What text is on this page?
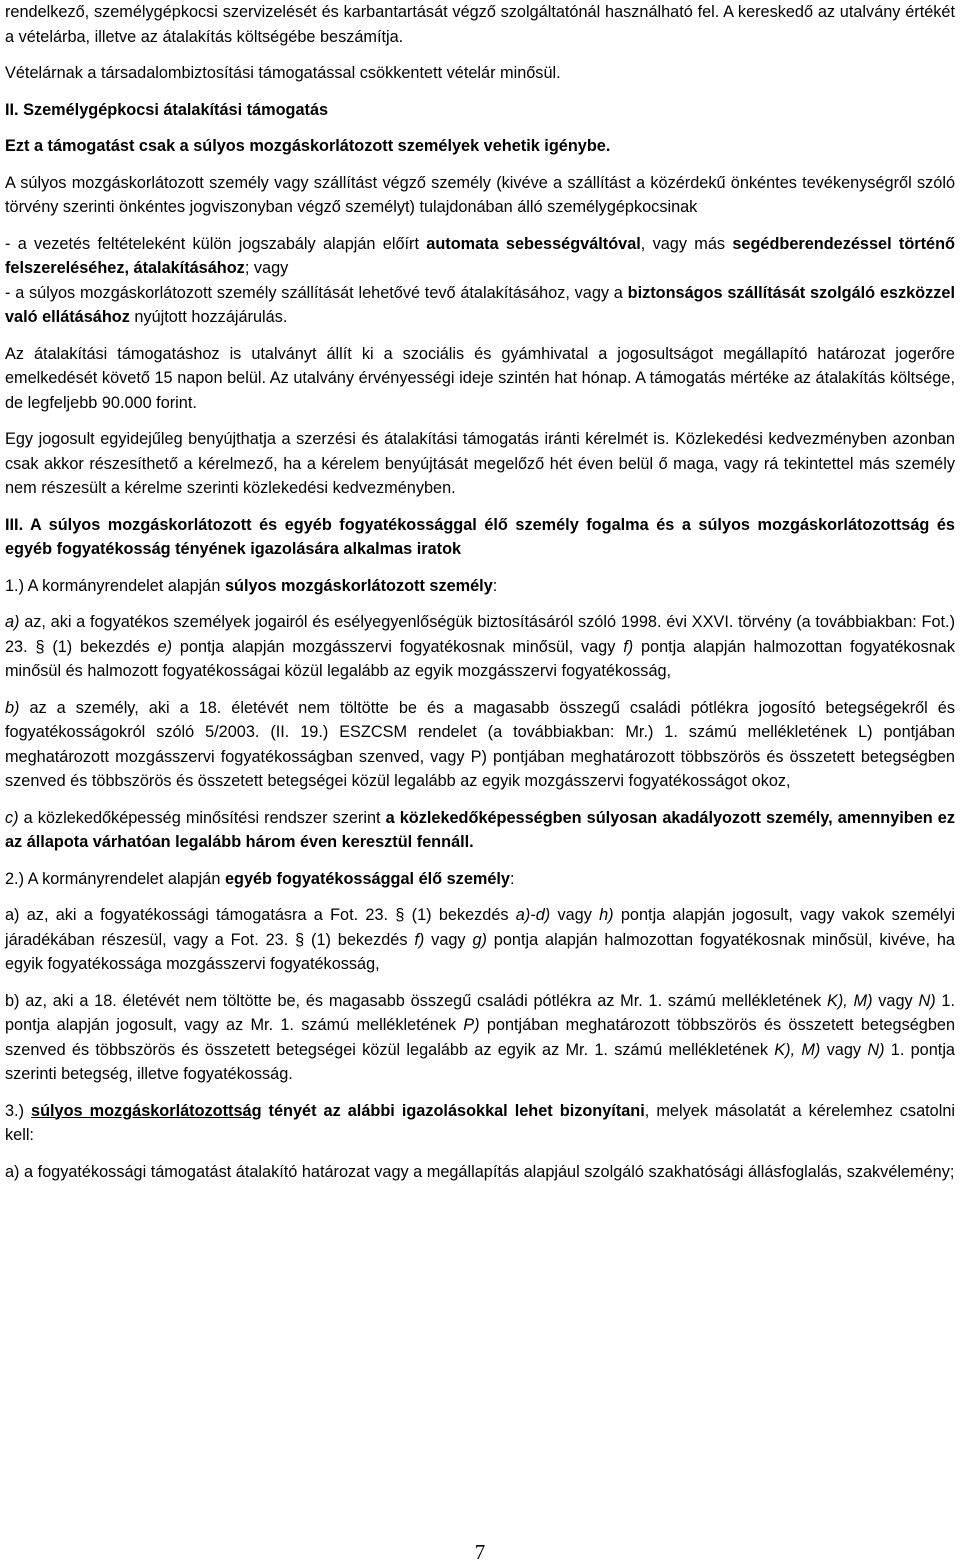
rendelkező, személygépkocsi szervizelését és karbantartását végző szolgáltatónál használható fel. A kereskedő az utalvány értékét a vételárba, illetve az átalakítás költségébe beszámítja.

Vételárnak a társadalombiztosítási támogatással csökkentett vételár minősül.

II. Személygépkocsi átalakítási támogatás

Ezt a támogatást csak a súlyos mozgáskorlátozott személyek vehetik igénybe.

A súlyos mozgáskorlátozott személy vagy szállítást végző személy (kivéve a szállítást a közérdekű önkéntes tevékenységről szóló törvény szerinti önkéntes jogviszonyban végző személyt) tulajdonában álló személygépkocsinak

- a vezetés feltételeként külön jogszabály alapján előírt automata sebességváltóval, vagy más segédberendezéssel történő felszereléséhez, átalakításához; vagy

- a súlyos mozgáskorlátozott személy szállítását lehetővé tevő átalakításához, vagy a biztonságos szállítását szolgáló eszközzel való ellátásához nyújtott hozzájárulás.

Az átalakítási támogatáshoz is utalványt állít ki a szociális és gyámhivatal a jogosultságot megállapító határozat jogerőre emelkedését követő 15 napon belül. Az utalvány érvényességi ideje szintén hat hónap. A támogatás mértéke az átalakítás költsége, de legfeljebb 90.000 forint.

Egy jogosult egyidejűleg benyújthatja a szerzési és átalakítási támogatás iránti kérelmét is. Közlekedési kedvezményben azonban csak akkor részesíthető a kérelmező, ha a kérelem benyújtását megelőző hét éven belül ő maga, vagy rá tekintettel más személy nem részesült a kérelme szerinti közlekedési kedvezményben.

III. A súlyos mozgáskorlátozott és egyéb fogyatékossággal élő személy fogalma és a súlyos mozgáskorlátozottság és egyéb fogyatékosság tényének igazolására alkalmas iratok

1.) A kormányrendelet alapján súlyos mozgáskorlátozott személy:

a) az, aki a fogyatékos személyek jogairól és esélyegyenlőségük biztosításáról szóló 1998. évi XXVI. törvény (a továbbiakban: Fot.) 23. § (1) bekezdés e) pontja alapján mozgásszervi fogyatékosnak minősül, vagy f) pontja alapján halmozottan fogyatékosnak minősül és halmozott fogyatékosságai közül legalább az egyik mozgásszervi fogyatékosság,

b) az a személy, aki a 18. életévét nem töltötte be és a magasabb összegű családi pótlékra jogosító betegségekről és fogyatékosságokról szóló 5/2003. (II. 19.) ESZCSM rendelet (a továbbiakban: Mr.) 1. számú mellékletének L) pontjában meghatározott mozgásszervi fogyatékosságban szenved, vagy P) pontjában meghatározott többszörös és összetett betegségben szenved és többszörös és összetett betegségei közül legalább az egyik mozgásszervi fogyatékosságot okoz,

c) a közlekedőképesség minősítési rendszer szerint a közlekedőképességben súlyosan akadályozott személy, amennyiben ez az állapota várhatóan legalább három éven keresztül fennáll.

2.) A kormányrendelet alapján egyéb fogyatékossággal élő személy:

a) az, aki a fogyatékossági támogatásra a Fot. 23. § (1) bekezdés a)-d) vagy h) pontja alapján jogosult, vagy vakok személyi járadékában részesül, vagy a Fot. 23. § (1) bekezdés f) vagy g) pontja alapján halmozottan fogyatékosnak minősül, kivéve, ha egyik fogyatékossága mozgásszervi fogyatékosság,

b) az, aki a 18. életévét nem töltötte be, és magasabb összegű családi pótlékra az Mr. 1. számú mellékletének K), M) vagy N) 1. pontja alapján jogosult, vagy az Mr. 1. számú mellékletének P) pontjában meghatározott többszörös és összetett betegségben szenved és többszörös és összetett betegségei közül legalább az egyik az Mr. 1. számú mellékletének K), M) vagy N) 1. pontja szerinti betegség, illetve fogyatékosság.

3.) súlyos mozgáskorlátozottság tényét az alábbi igazolásokkal lehet bizonyítani, melyek másolatát a kérelemhez csatolni kell:

a) a fogyatékossági támogatást átalakító határozat vagy a megállapítás alapjául szolgáló szakhatósági állásfoglalás, szakvélemény;

7
